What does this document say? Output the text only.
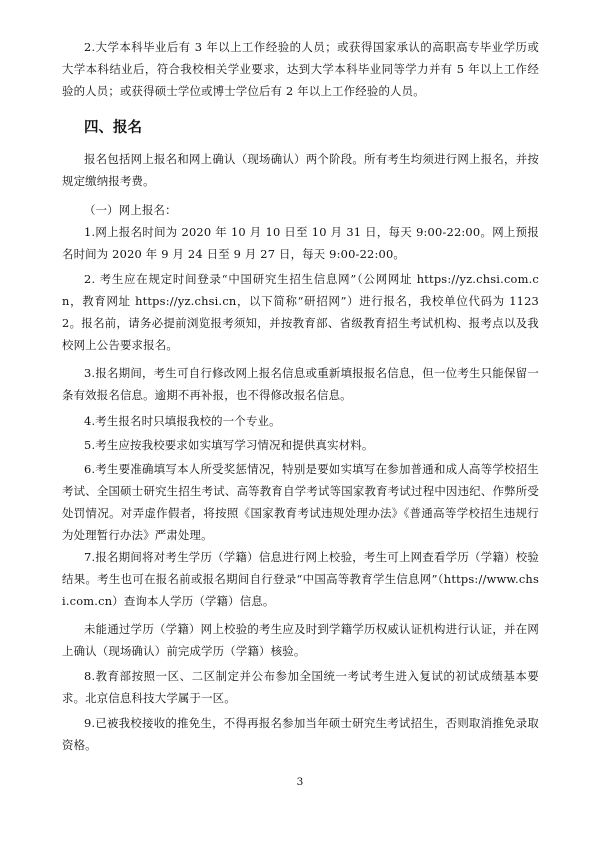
2.大学本科毕业后有 3 年以上工作经验的人员；或获得国家承认的高职高专毕业学历或大学本科结业后，符合我校相关学业要求，达到大学本科毕业同等学力并有 5 年以上工作经验的人员；或获得硕士学位或博士学位后有 2 年以上工作经验的人员。

四、报名

报名包括网上报名和网上确认（现场确认）两个阶段。所有考生均须进行网上报名，并按规定缴纳报考费。

（一）网上报名：

1.网上报名时间为 2020 年 10 月 10 日至 10 月 31 日，每天 9:00-22:00。网上预报名时间为 2020 年 9 月 24 日至 9 月 27 日，每天 9:00-22:00。

2. 考生应在规定时间登录“中国研究生招生信息网”（公网网址 https://yz.chsi.com.cn，教育网址 https://yz.chsi.cn，以下简称“研招网”）进行报名，我校单位代码为 11232。报名前，请务必提前浏览报考须知，并按教育部、省级教育招生考试机构、报考点以及我校网上公告要求报名。

3.报名期间，考生可自行修改网上报名信息或重新填报报名信息，但一位考生只能保留一条有效报名信息。逾期不再补报，也不得修改报名信息。

4.考生报名时只填报我校的一个专业。

5.考生应按我校要求如实填写学习情况和提供真实材料。

6.考生要准确填写本人所受奖惩情况，特别是要如实填写在参加普通和成人高等学校招生考试、全国硕士研究生招生考试、高等教育自学考试等国家教育考试过程中因违纪、作弊所受处罚情况。对弄虚作假者，将按照《国家教育考试违规处理办法》《普通高等学校招生违规行为处理暂行办法》严肃处理。

7.报名期间将对考生学历（学籍）信息进行网上校验，考生可上网查看学历（学籍）校验结果。考生也可在报名前或报名期间自行登录“中国高等教育学生信息网”（https://www.chsi.com.cn）查询本人学历（学籍）信息。

未能通过学历（学籍）网上校验的考生应及时到学籍学历权威认证机构进行认证，并在网上确认（现场确认）前完成学历（学籍）核验。

8.教育部按照一区、二区制定并公布参加全国统一考试考生进入复试的初试成绩基本要求。北京信息科技大学属于一区。

9.已被我校接收的推免生，不得再报名参加当年硕士研究生考试招生，否则取消推免录取资格。

3
